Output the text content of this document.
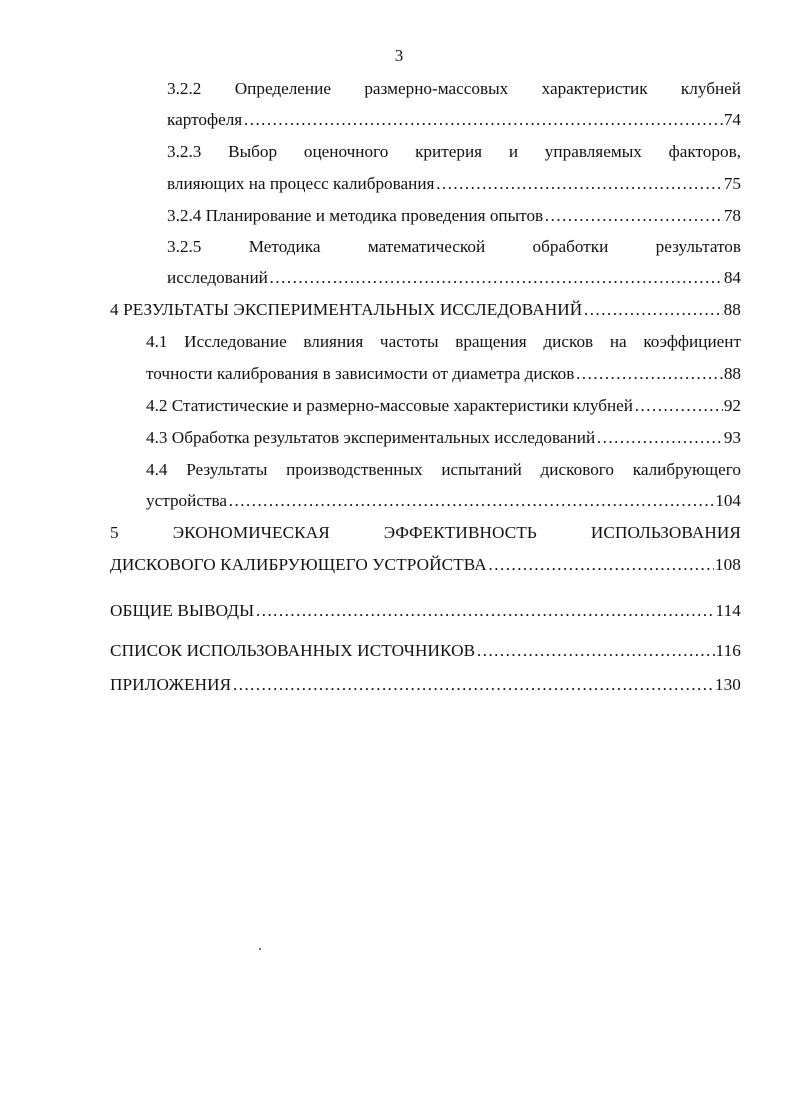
3
3.2.2 Определение размерно-массовых характеристик клубней
картофеля ……………………………………………………………………………………………………………………………………………………………………	74
3.2.3 Выбор оценочного критерия и управляемых факторов,
влияющих на процесс калибрования ……………………………………………………………………………………………………………………………………………………………………	75
3.2.4 Планирование и методика проведения опытов ……………………………………………………………………………………………………………………………………………………………………	78
3.2.5 Методика математической обработки результатов
исследований ……………………………………………………………………………………………………………………………………………………………………	84
4 РЕЗУЛЬТАТЫ ЭКСПЕРИМЕНТАЛЬНЫХ ИССЛЕДОВАНИЙ ……………………………………………………………………………………………………………………………………………………………………	88
4.1 Исследование влияния частоты вращения дисков на коэффициент
точности калибрования в зависимости от диаметра дисков ……………………………………………………………………………………………………………………………………………………………………	88
4.2 Статистические и размерно-массовые характеристики клубней ……………………………………………………………………………………………………………………………………………………………………	92
4.3 Обработка результатов экспериментальных исследований ……………………………………………………………………………………………………………………………………………………………………	93
4.4 Результаты производственных испытаний дискового калибрующего
устройства ……………………………………………………………………………………………………………………………………………………………………	104
5 ЭКОНОМИЧЕСКАЯ ЭФФЕКТИВНОСТЬ ИСПОЛЬЗОВАНИЯ
ДИСКОВОГО КАЛИБРУЮЩЕГО УСТРОЙСТВА ……………………………………………………………………………………………………………………………………………………………………	108
ОБЩИЕ ВЫВОДЫ ……………………………………………………………………………………………………………………………………………………………………	114
СПИСОК ИСПОЛЬЗОВАННЫХ ИСТОЧНИКОВ ……………………………………………………………………………………………………………………………………………………………………	116
ПРИЛОЖЕНИЯ ……………………………………………………………………………………………………………………………………………………………………	130
